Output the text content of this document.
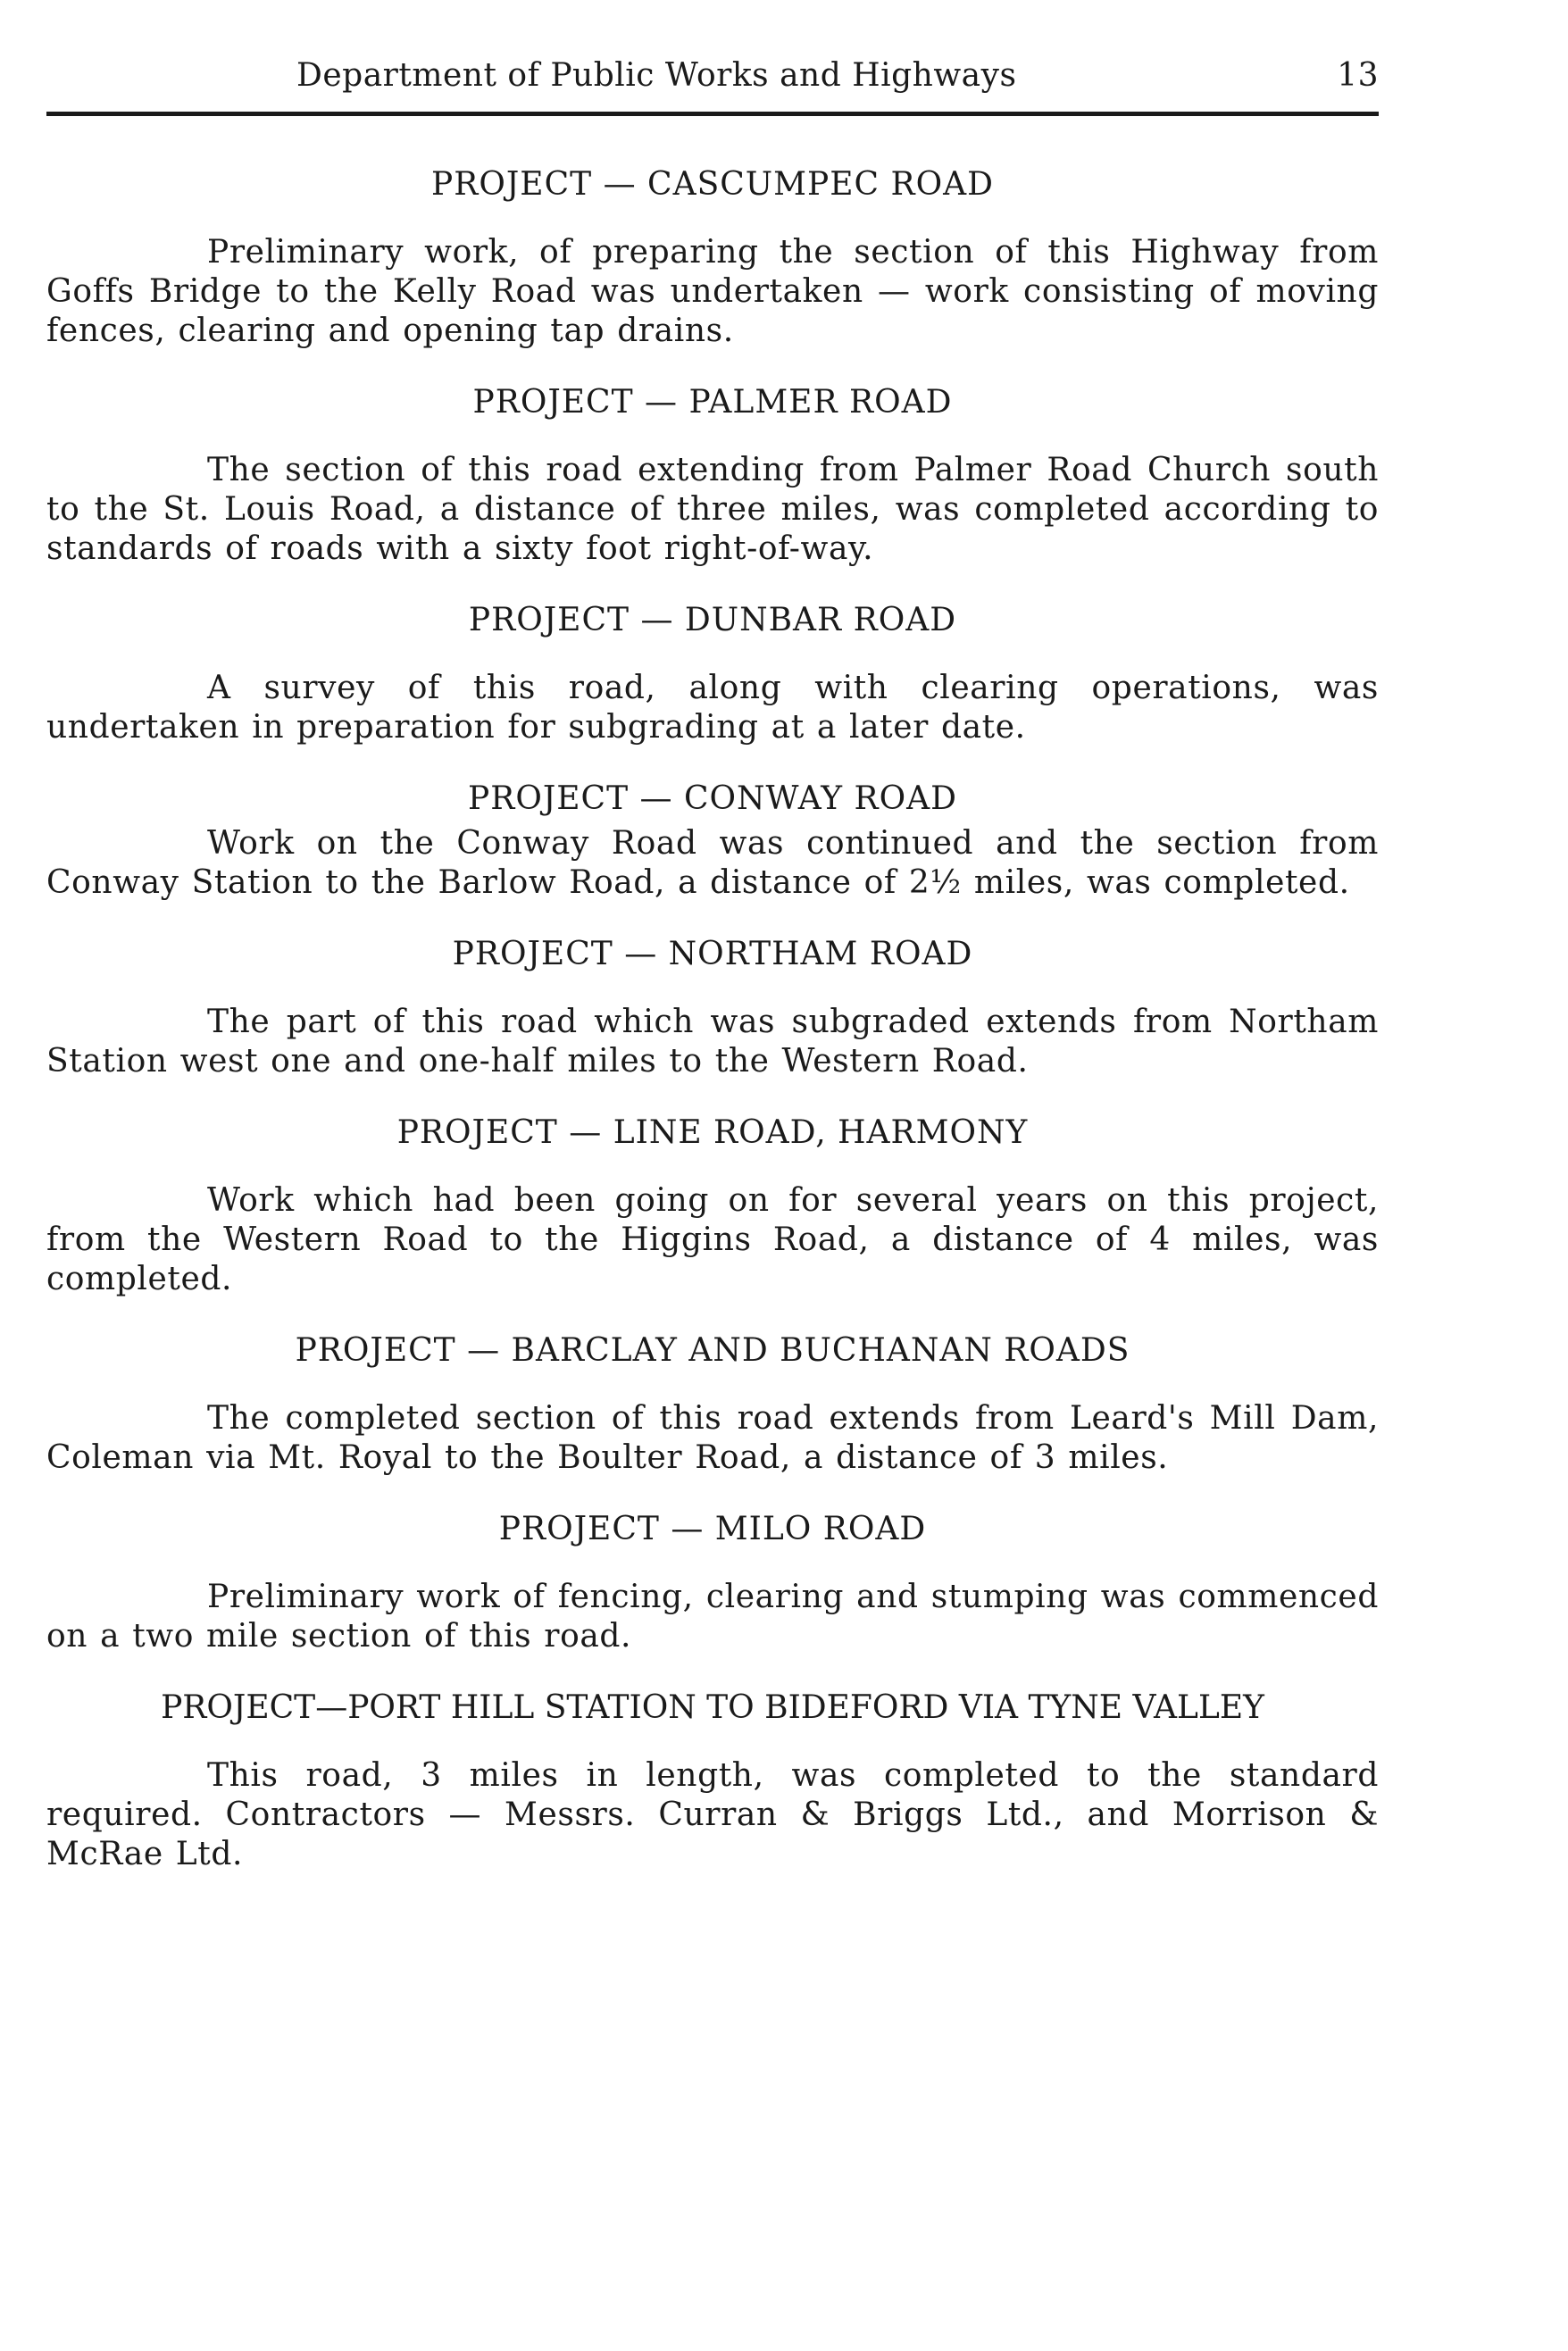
Department of Public Works and Highways	13
PROJECT — CASCUMPEC ROAD

Preliminary work, of preparing the section of this Highway from Goffs Bridge to the Kelly Road was undertaken — work consisting of moving fences, clearing and opening tap drains.

PROJECT — PALMER ROAD

The section of this road extending from Palmer Road Church south to the St. Louis Road, a distance of three miles, was completed according to standards of roads with a sixty foot right-of-way.

PROJECT — DUNBAR ROAD

A survey of this road, along with clearing operations, was undertaken in preparation for subgrading at a later date.

PROJECT — CONWAY ROAD

Work on the Conway Road was continued and the section from Conway Station to the Barlow Road, a distance of 2½ miles, was completed.

PROJECT — NORTHAM ROAD

The part of this road which was subgraded extends from Northam Station west one and one-half miles to the Western Road.

PROJECT — LINE ROAD, HARMONY

Work which had been going on for several years on this project, from the Western Road to the Higgins Road, a distance of 4 miles, was completed.

PROJECT — BARCLAY AND BUCHANAN ROADS

The completed section of this road extends from Leard's Mill Dam, Coleman via Mt. Royal to the Boulter Road, a distance of 3 miles.

PROJECT — MILO ROAD

Preliminary work of fencing, clearing and stumping was commenced on a two mile section of this road.

PROJECT—PORT HILL STATION TO BIDEFORD VIA TYNE VALLEY

This road, 3 miles in length, was completed to the standard required. Contractors — Messrs. Curran & Briggs Ltd., and Morrison & McRae Ltd.
